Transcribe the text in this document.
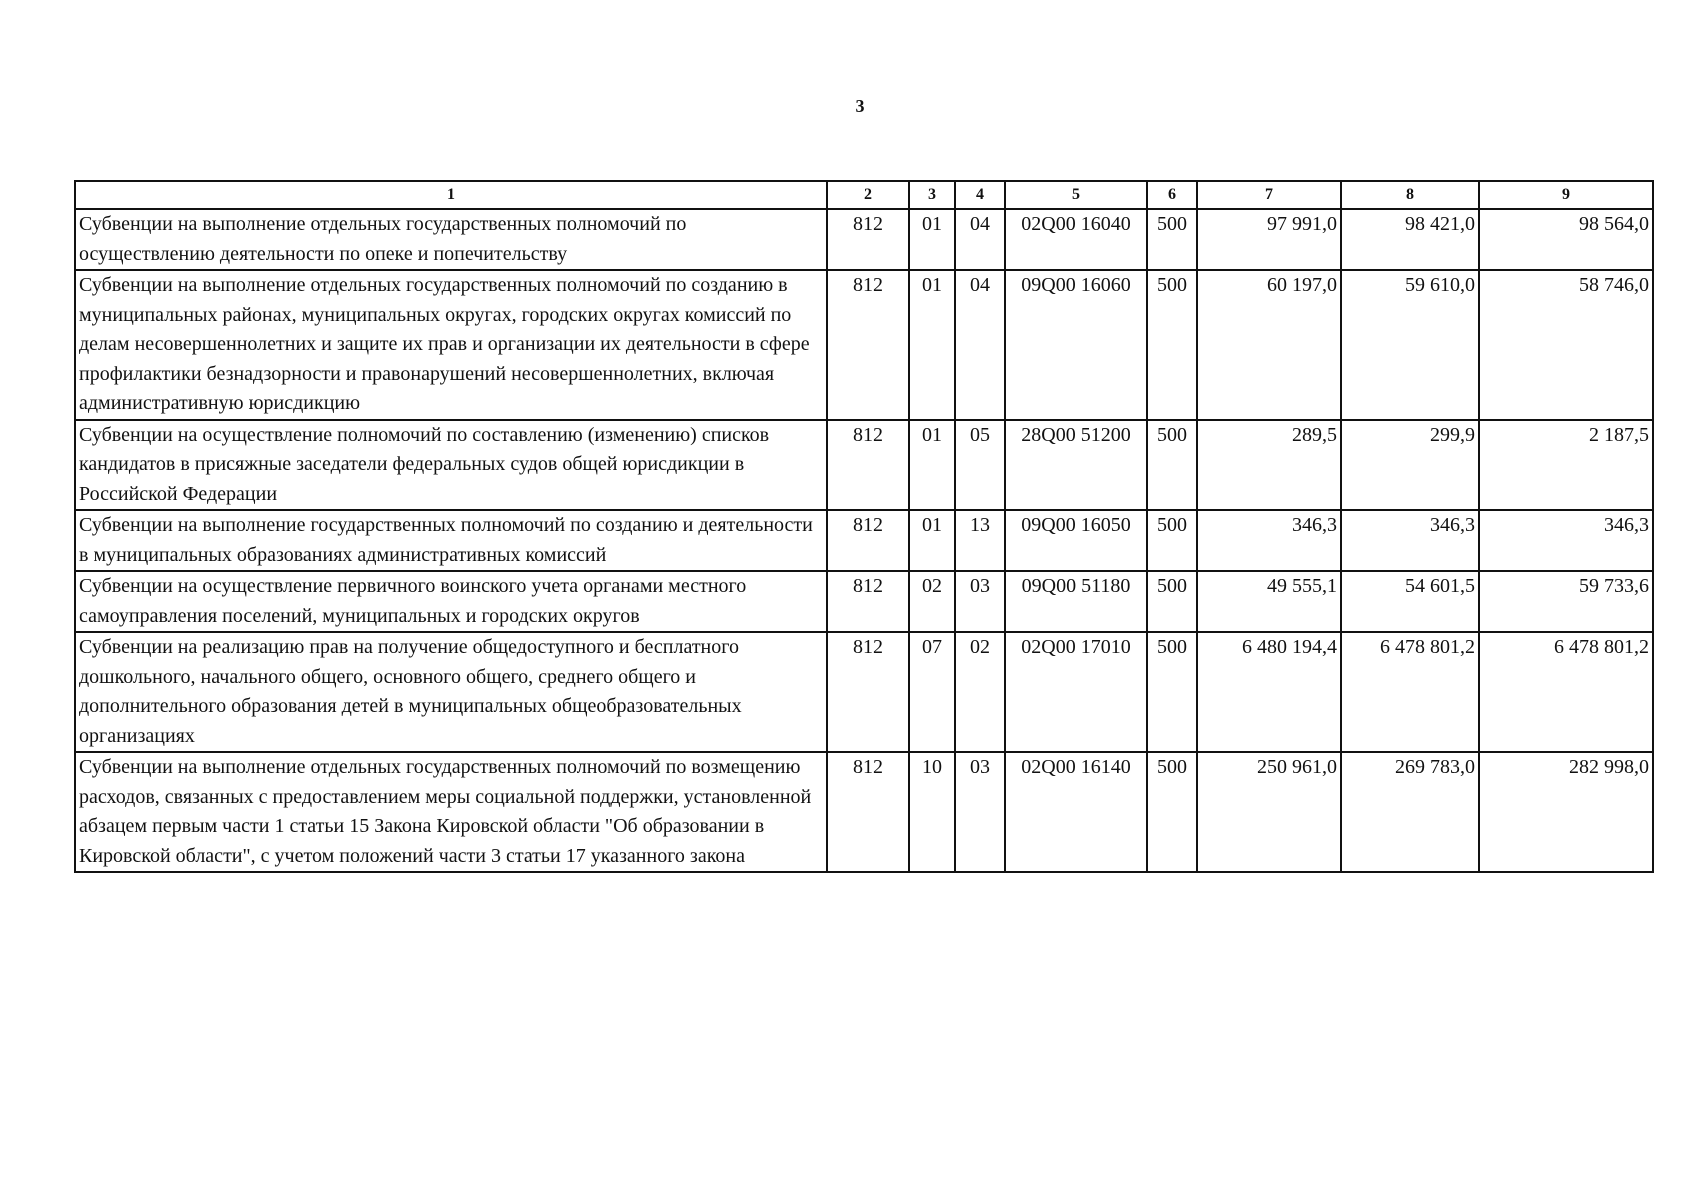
3
1	2	3	4	5	6	7	8	9
Субвенции на выполнение отдельных государственных полномочий по осуществлению деятельности по опеке и попечительству	812	01	04	02Q00 16040	500	97 991,0	98 421,0	98 564,0
Субвенции на выполнение отдельных государственных полномочий по созданию в муниципальных районах, муниципальных округах, городских округах комиссий по делам несовершеннолетних и защите их прав и организации их деятельности в сфере профилактики безнадзорности и правонарушений несовершеннолетних, включая административную юрисдикцию	812	01	04	09Q00 16060	500	60 197,0	59 610,0	58 746,0
Субвенции на осуществление полномочий по составлению (изменению) списков кандидатов в присяжные заседатели федеральных судов общей юрисдикции в Российской Федерации	812	01	05	28Q00 51200	500	289,5	299,9	2 187,5
Субвенции на выполнение государственных полномочий по созданию и деятельности в муниципальных образованиях административных комиссий	812	01	13	09Q00 16050	500	346,3	346,3	346,3
Субвенции на осуществление первичного воинского учета органами местного самоуправления поселений, муниципальных и городских округов	812	02	03	09Q00 51180	500	49 555,1	54 601,5	59 733,6
Субвенции на реализацию прав на получение общедоступного и бесплатного дошкольного, начального общего, основного общего, среднего общего и дополнительного образования детей в муниципальных общеобразовательных организациях	812	07	02	02Q00 17010	500	6 480 194,4	6 478 801,2	6 478 801,2
Субвенции на выполнение отдельных государственных полномочий по возмещению расходов, связанных с предоставлением меры социальной поддержки, установленной абзацем первым части 1 статьи 15 Закона Кировской области "Об образовании в Кировской области", с учетом положений части 3 статьи 17 указанного закона	812	10	03	02Q00 16140	500	250 961,0	269 783,0	282 998,0
